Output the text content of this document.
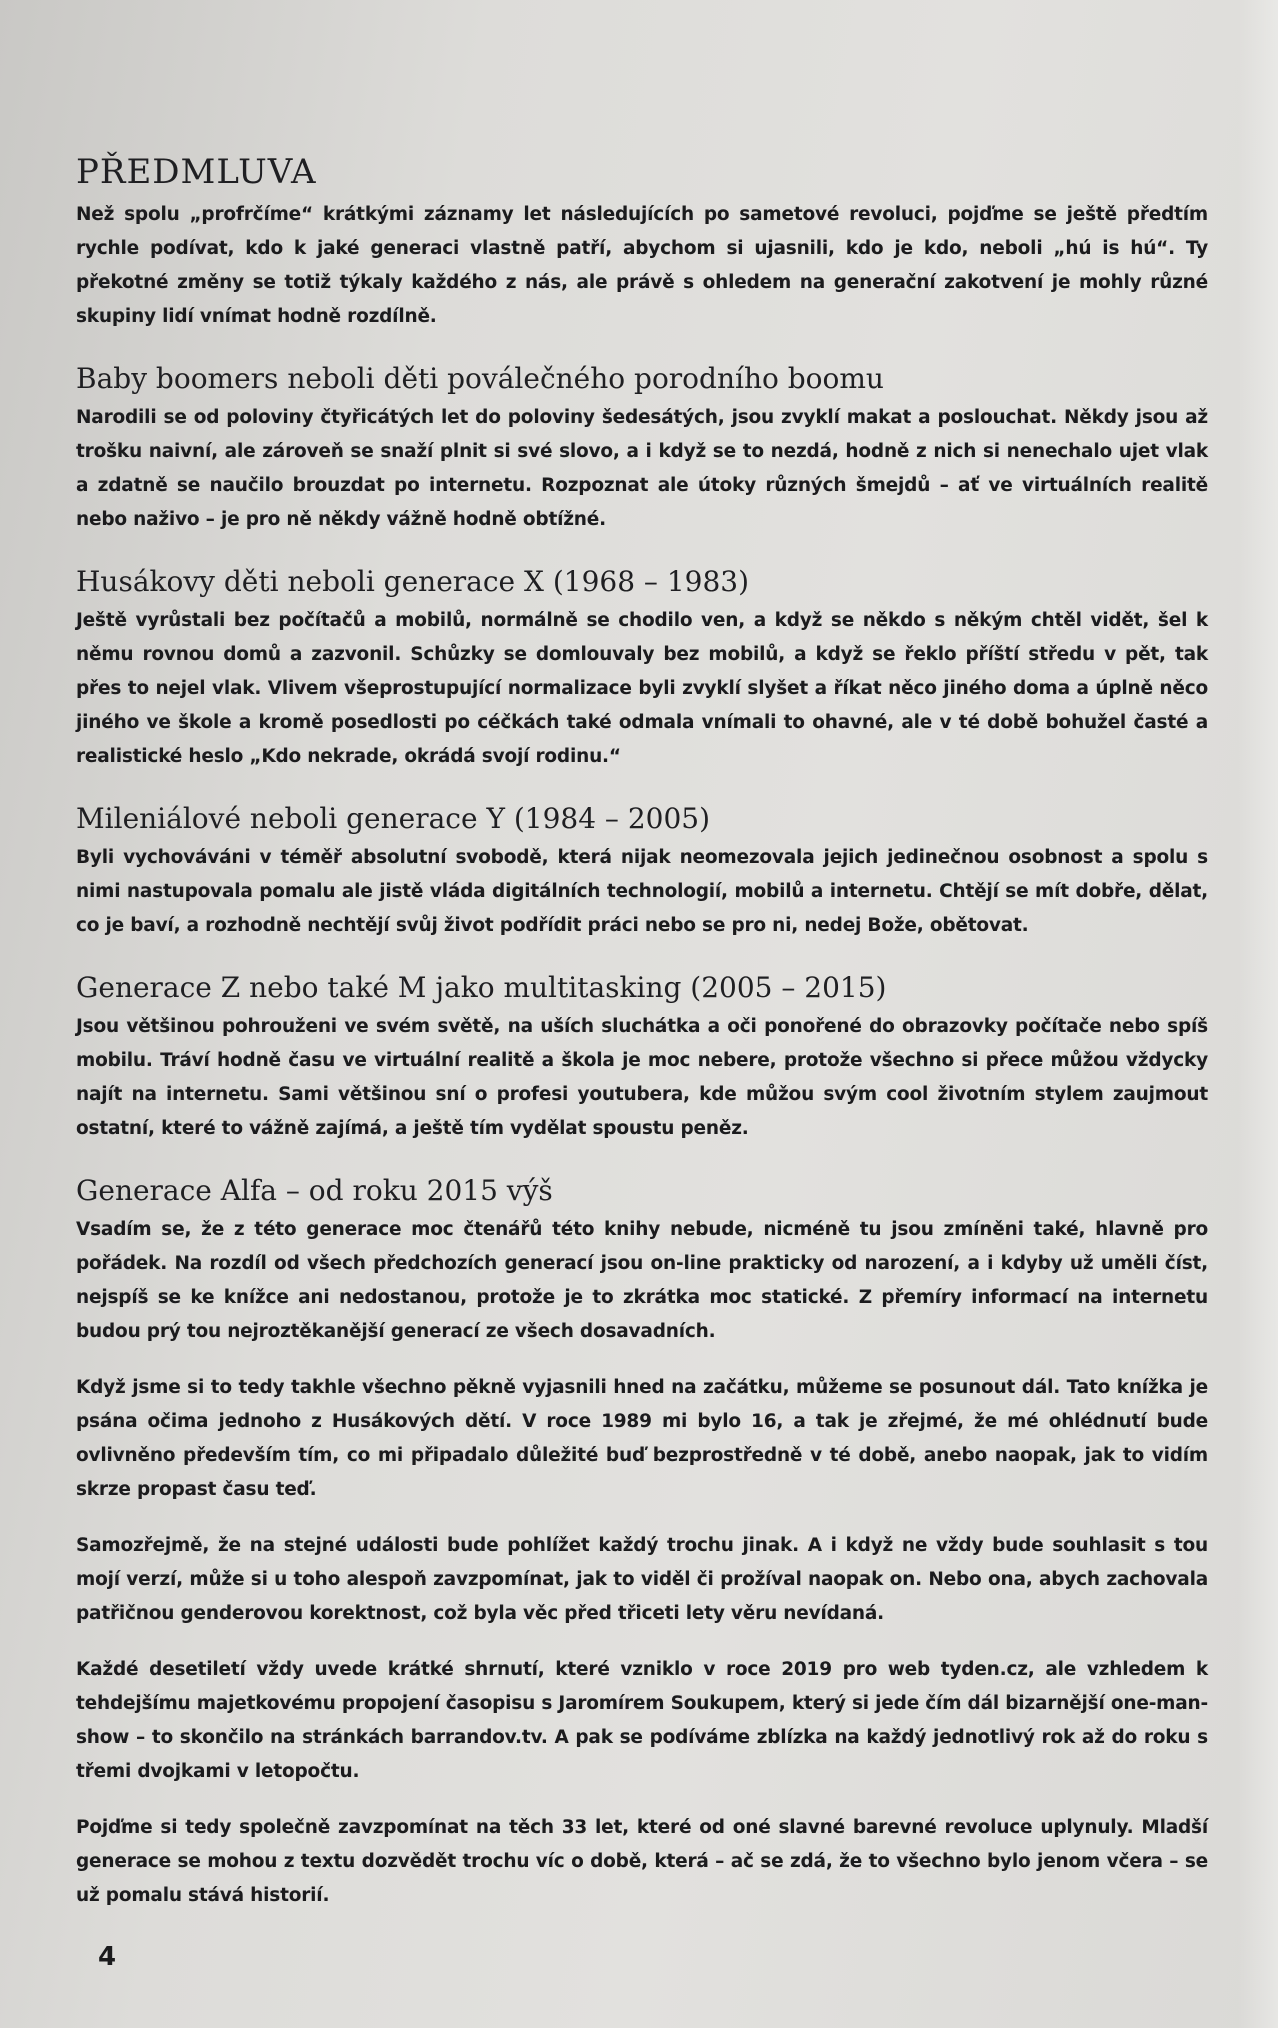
PŘEDMLUVA

Než spolu „profrčíme“ krátkými záznamy let následujících po sametové revoluci, pojďme se ještě předtím rychle podívat, kdo k jaké generaci vlastně patří, abychom si ujasnili, kdo je kdo, neboli „hú is hú“. Ty překotné změny se totiž týkaly každého z nás, ale právě s ohledem na generační zakotvení je mohly různé skupiny lidí vnímat hodně rozdílně.

Baby boomers neboli děti poválečného porodního boomu

Narodili se od poloviny čtyřicátých let do poloviny šedesátých, jsou zvyklí makat a poslouchat. Někdy jsou až trošku naivní, ale zároveň se snaží plnit si své slovo, a i když se to nezdá, hodně z nich si nenechalo ujet vlak a zdatně se naučilo brouzdat po internetu. Rozpoznat ale útoky různých šmejdů – ať ve virtuálních realitě nebo naživo – je pro ně někdy vážně hodně obtížné.

Husákovy děti neboli generace X (1968 – 1983)

Ještě vyrůstali bez počítačů a mobilů, normálně se chodilo ven, a když se někdo s někým chtěl vidět, šel k němu rovnou domů a zazvonil. Schůzky se domlouvaly bez mobilů, a když se řeklo příští středu v pět, tak přes to nejel vlak. Vlivem všeprostupující normalizace byli zvyklí slyšet a říkat něco jiného doma a úplně něco jiného ve škole a kromě posedlosti po céčkách také odmala vnímali to ohavné, ale v té době bohužel časté a realistické heslo „Kdo nekrade, okrádá svojí rodinu.“

Mileniálové neboli generace Y (1984 – 2005)

Byli vychováváni v téměř absolutní svobodě, která nijak neomezovala jejich jedinečnou osobnost a spolu s nimi nastupovala pomalu ale jistě vláda digitálních technologií, mobilů a internetu. Chtějí se mít dobře, dělat, co je baví, a rozhodně nechtějí svůj život podřídit práci nebo se pro ni, nedej Bože, obětovat.

Generace Z nebo také M jako multitasking (2005 – 2015)

Jsou většinou pohrouženi ve svém světě, na uších sluchátka a oči ponořené do obrazovky počítače nebo spíš mobilu. Tráví hodně času ve virtuální realitě a škola je moc nebere, protože všechno si přece můžou vždycky najít na internetu. Sami většinou sní o profesi youtubera, kde můžou svým cool životním stylem zaujmout ostatní, které to vážně zajímá, a ještě tím vydělat spoustu peněz.

Generace Alfa – od roku 2015 výš

Vsadím se, že z této generace moc čtenářů této knihy nebude, nicméně tu jsou zmíněni také, hlavně pro pořádek. Na rozdíl od všech předchozích generací jsou on-line prakticky od narození, a i kdyby už uměli číst, nejspíš se ke knížce ani nedostanou, protože je to zkrátka moc statické. Z přemíry informací na internetu budou prý tou nejroztěkanější generací ze všech dosavadních.

Když jsme si to tedy takhle všechno pěkně vyjasnili hned na začátku, můžeme se posunout dál. Tato knížka je psána očima jednoho z Husákových dětí. V roce 1989 mi bylo 16, a tak je zřejmé, že mé ohlédnutí bude ovlivněno především tím, co mi připadalo důležité buď bezprostředně v té době, anebo naopak, jak to vidím skrze propast času teď.

Samozřejmě, že na stejné události bude pohlížet každý trochu jinak. A i když ne vždy bude souhlasit s tou mojí verzí, může si u toho alespoň zavzpomínat, jak to viděl či prožíval naopak on. Nebo ona, abych zachovala patřičnou genderovou korektnost, což byla věc před třiceti lety věru nevídaná.

Každé desetiletí vždy uvede krátké shrnutí, které vzniklo v roce 2019 pro web tyden.cz, ale vzhledem k tehdejšímu majetkovému propojení časopisu s Jaromírem Soukupem, který si jede čím dál bizarnější one-man-show – to skončilo na stránkách barrandov.tv. A pak se podíváme zblízka na každý jednotlivý rok až do roku s třemi dvojkami v letopočtu.

Pojďme si tedy společně zavzpomínat na těch 33 let, které od oné slavné barevné revoluce uplynuly. Mladší generace se mohou z textu dozvědět trochu víc o době, která – ač se zdá, že to všechno bylo jenom včera – se už pomalu stává historií.

4
